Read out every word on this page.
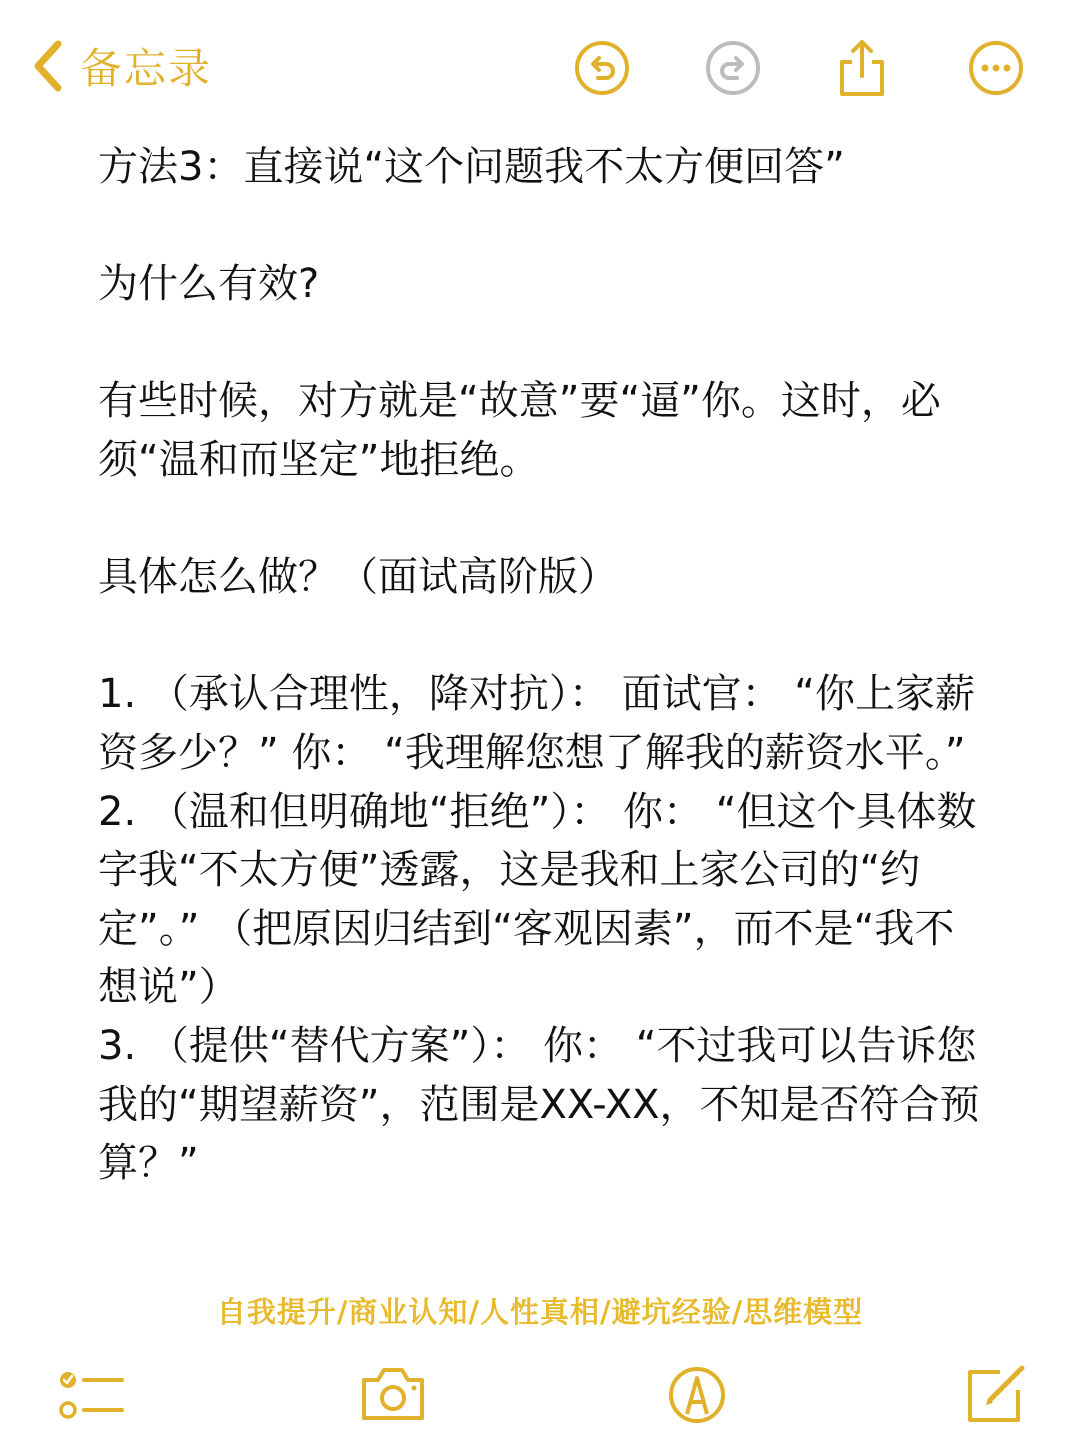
备忘录

方法3：直接说“这个问题我不太方便回答”

为什么有效?

有些时候，对方就是“故意”要“逼”你。这时，必须“温和而坚定”地拒绝。

具体怎么做？（面试高阶版）

1. （承认合理性，降对抗）： 面试官： “你上家薪资多少？” 你： “我理解您想了解我的薪资水平。”

2. （温和但明确地“拒绝”）： 你： “但这个具体数字我“不太方便”透露，这是我和上家公司的“约定”。” （把原因归结到“客观因素”，而不是“我不想说”）

3. （提供“替代方案”）： 你： “不过我可以告诉您我的“期望薪资”，范围是XX-XX，不知是否符合预算？”

自我提升/商业认知/人性真相/避坑经验/思维模型
